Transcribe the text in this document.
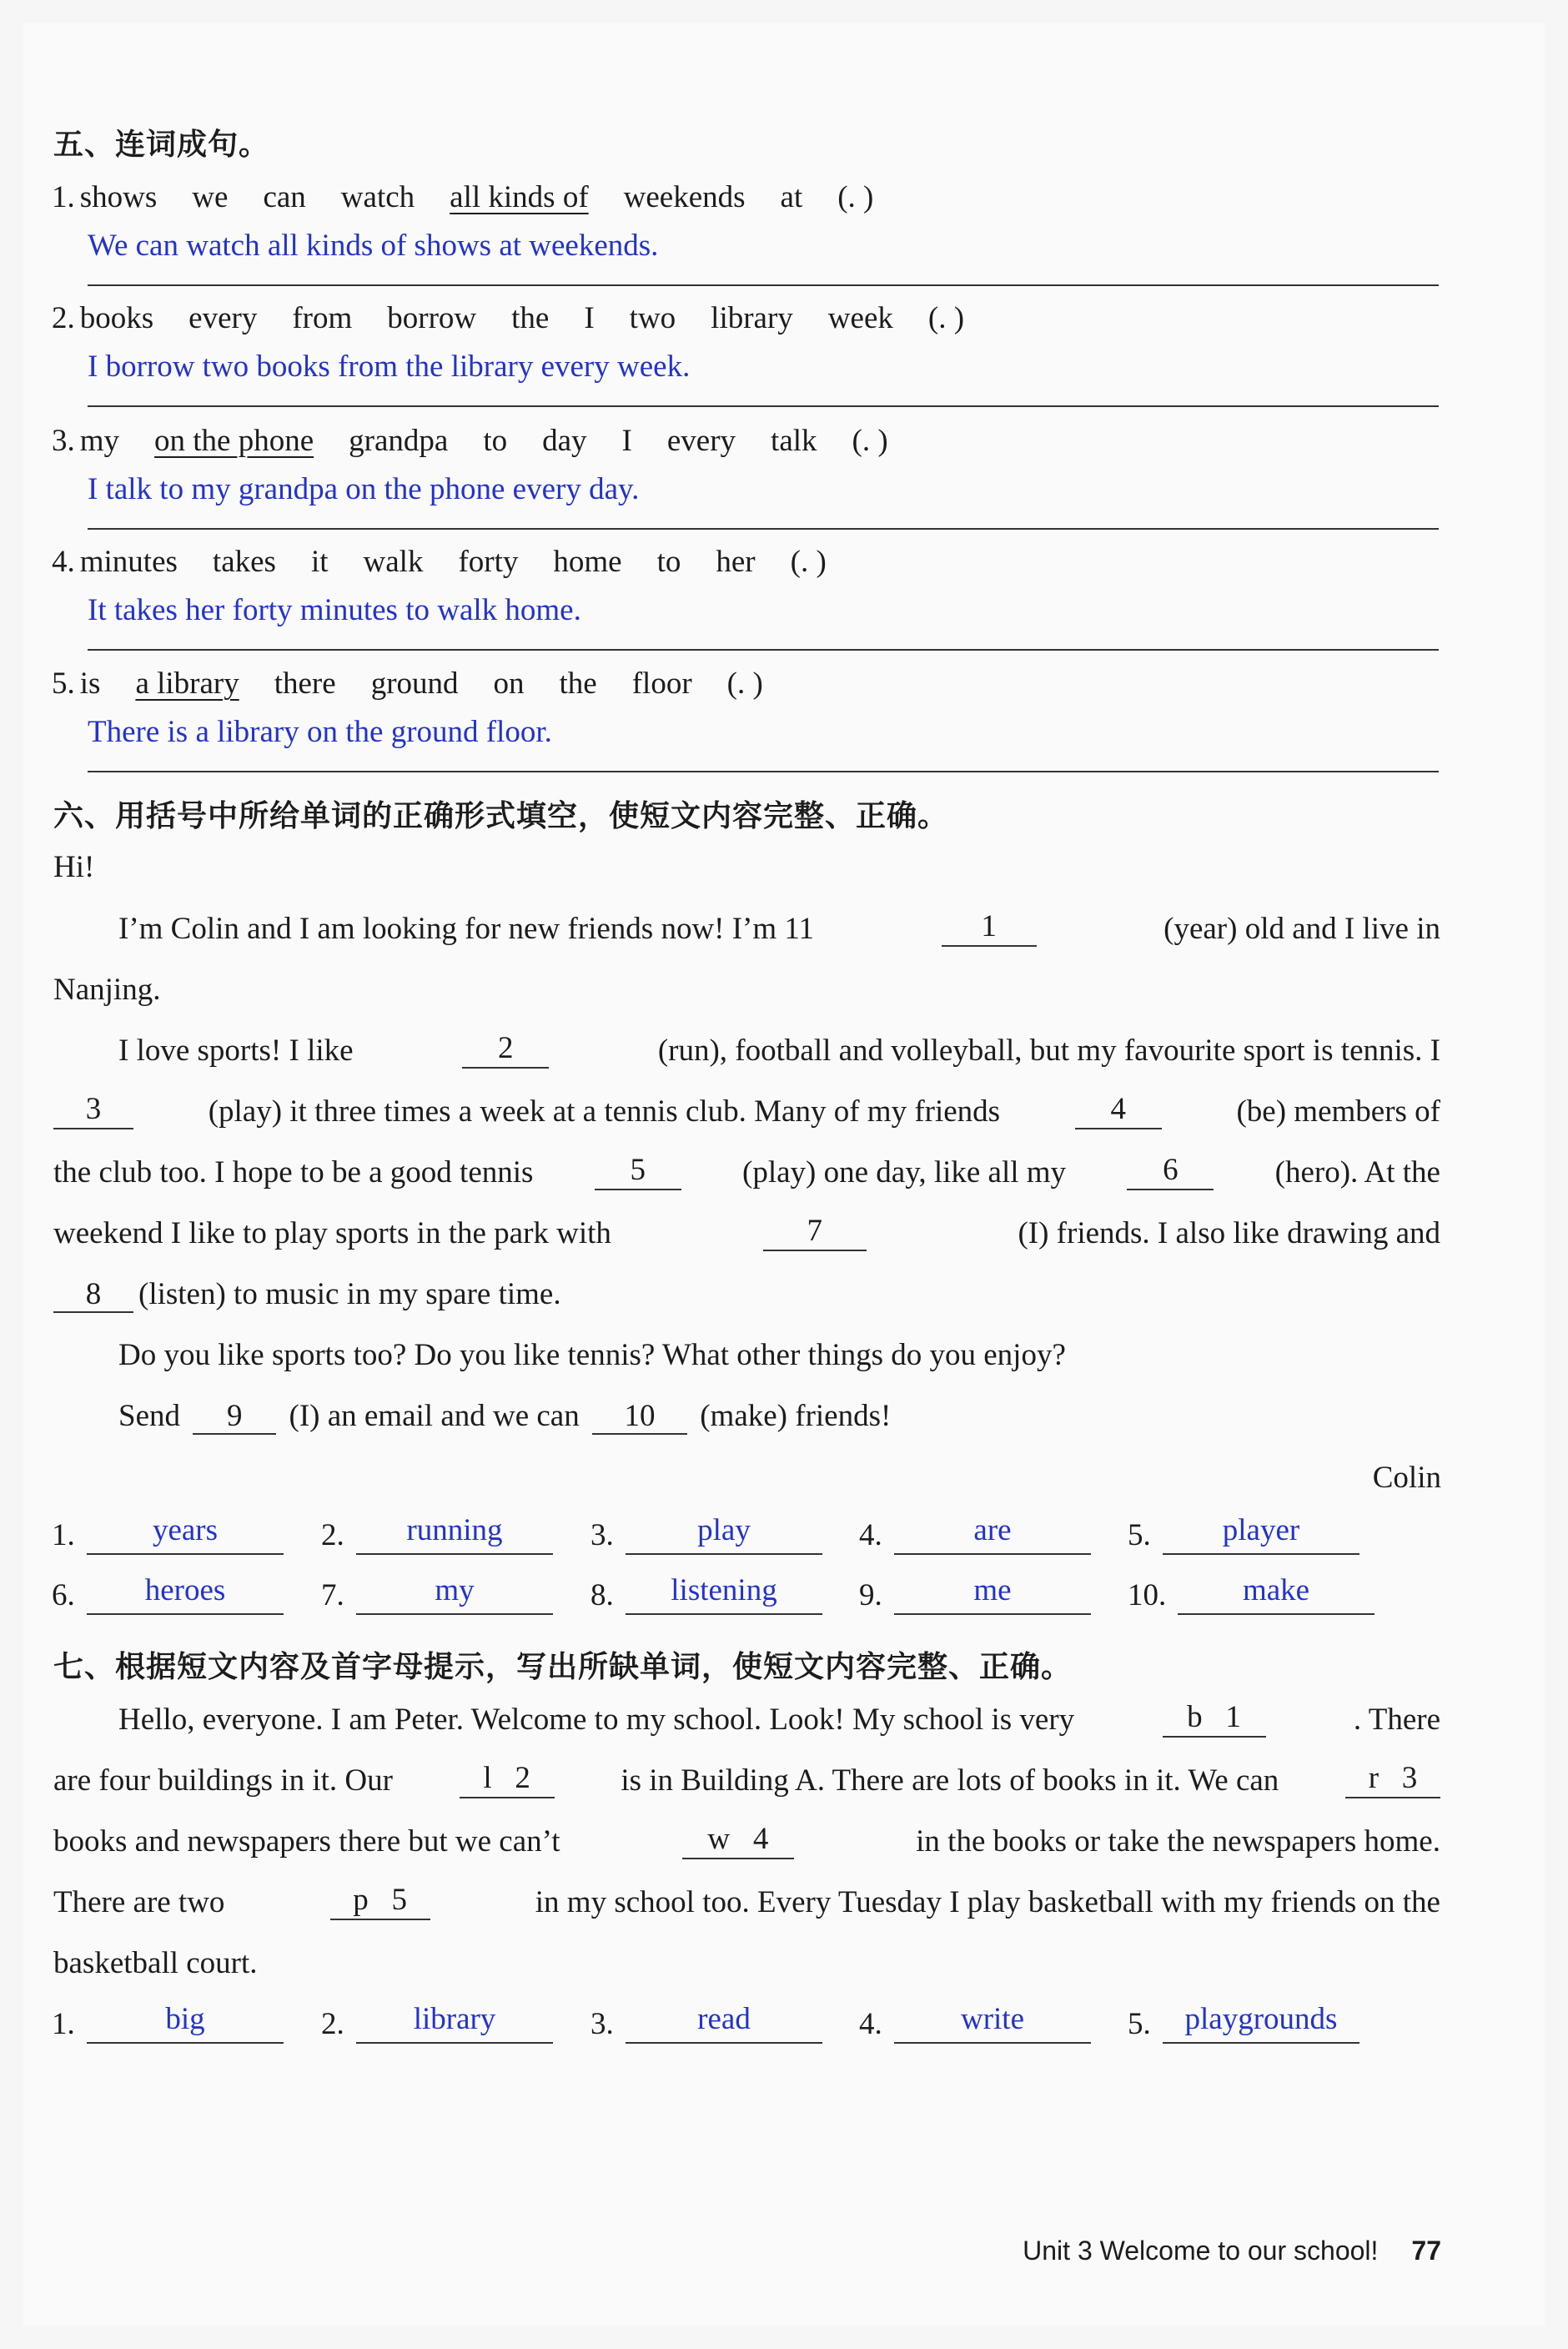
五、连词成句。
1. shows we can watch all kinds of weekends at (. )
We can watch all kinds of shows at weekends.
2. books every from borrow the I two library week (. )
I borrow two books from the library every week.
3. my on the phone grandpa to day I every talk (. )
I talk to my grandpa on the phone every day.
4. minutes takes it walk forty home to her (. )
It takes her forty minutes to walk home.
5. is a library there ground on the floor (. )
There is a library on the ground floor.
六、用括号中所给单词的正确形式填空，使短文内容完整、正确。
Hi!
I’m Colin and I am looking for new friends now! I’m 11	1	(year) old and I live in
Nanjing.
I love sports! I like	2	(run), football and volleyball, but my favourite sport is tennis. I
3	(play) it three times a week at a tennis club. Many of my friends	4	(be) members of
the club too. I hope to be a good tennis	5	(play) one day, like all my	6	(hero). At the
weekend I like to play sports in the park with	7	(I) friends. I also like drawing and
8 (listen) to music in my spare time.
Do you like sports too? Do you like tennis? What other things do you enjoy?
Send 9 (I) an email and we can 10 (make) friends!
Colin
1.	years	2.	running	3.	play	4.	are	5.	player
6.	heroes	7.	my	8.	listening	9.	me	10.	make
七、根据短文内容及首字母提示，写出所缺单词，使短文内容完整、正确。
Hello, everyone. I am Peter. Welcome to my school. Look! My school is very	b   1	. There
are four buildings in it. Our	l   2	is in Building A. There are lots of books in it. We can	r   3
books and newspapers there but we can’t	w   4	in the books or take the newspapers home.
There are two	p   5	in my school too. Every Tuesday I play basketball with my friends on the
basketball court.
1.	big	2.	library	3.	read	4.	write	5.	playgrounds
Unit 3 Welcome to our school! 77
